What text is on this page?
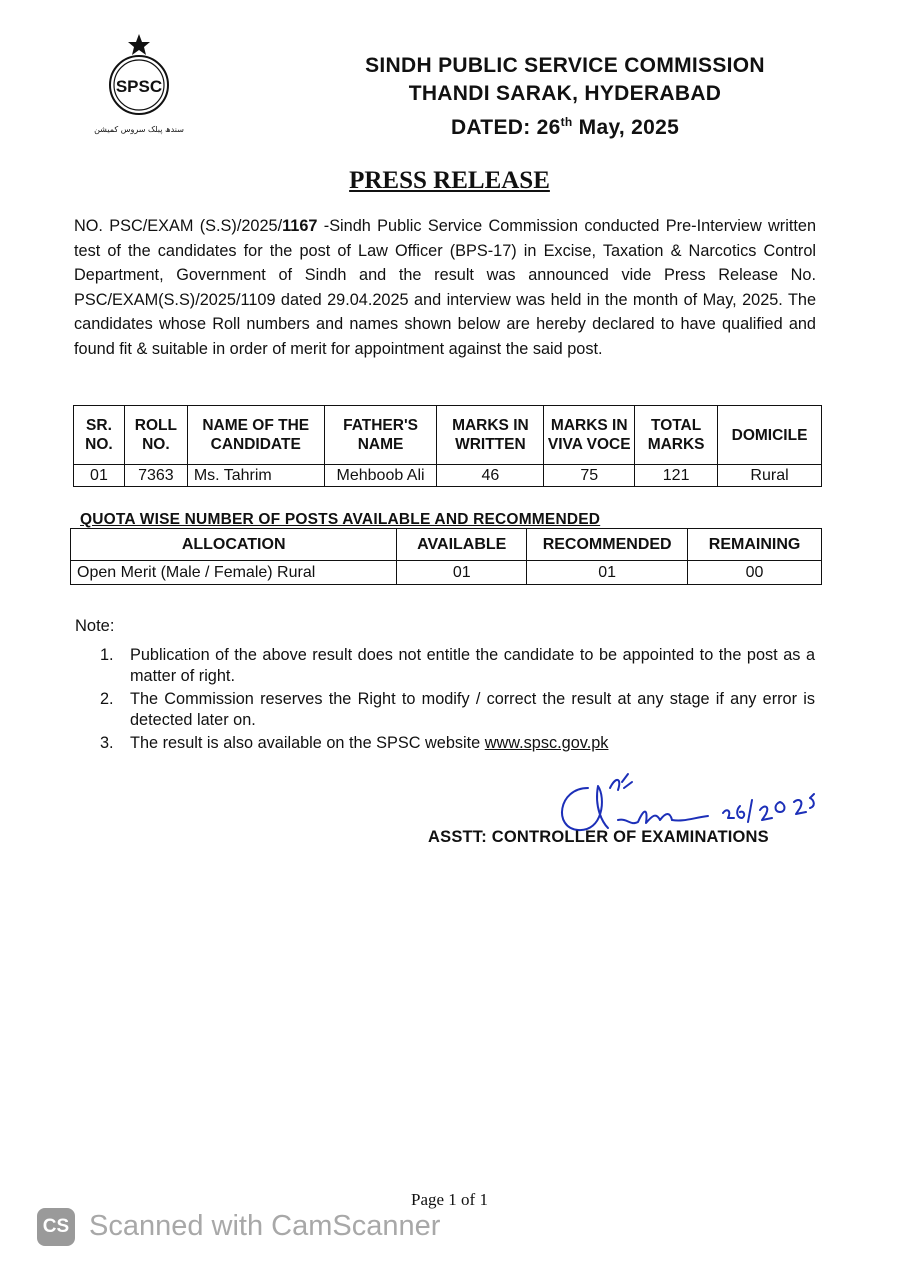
SPSC
سندھ پبلک سروس کمیشن
SINDH PUBLIC SERVICE COMMISSION
THANDI SARAK, HYDERABAD
DATED: 26th May, 2025
PRESS RELEASE

NO. PSC/EXAM (S.S)/2025/1167 -Sindh Public Service Commission conducted Pre-Interview written test of the candidates for the post of Law Officer (BPS-17) in Excise, Taxation & Narcotics Control Department, Government of Sindh and the result was announced vide Press Release No. PSC/EXAM(S.S)/2025/1109 dated 29.04.2025 and interview was held in the month of May, 2025. The candidates whose Roll numbers and names shown below are hereby declared to have qualified and found fit & suitable in order of merit for appointment against the said post.

SR. NO.	ROLL NO.	NAME OF THE CANDIDATE	FATHER'S NAME	MARKS IN WRITTEN	MARKS IN VIVA VOCE	TOTAL MARKS	DOMICILE
01	7363	Ms. Tahrim	Mehboob Ali	46	75	121	Rural
QUOTA WISE NUMBER OF POSTS AVAILABLE AND RECOMMENDED
ALLOCATION	AVAILABLE	RECOMMENDED	REMAINING
Open Merit (Male / Female) Rural	01	01	00
Note:
1. Publication of the above result does not entitle the candidate to be appointed to the post as a matter of right.
2. The Commission reserves the Right to modify / correct the result at any stage if any error is detected later on.
3. The result is also available on the SPSC website www.spsc.gov.pk
ASSTT: CONTROLLER OF EXAMINATIONS
Page 1 of 1
CS Scanned with CamScanner
